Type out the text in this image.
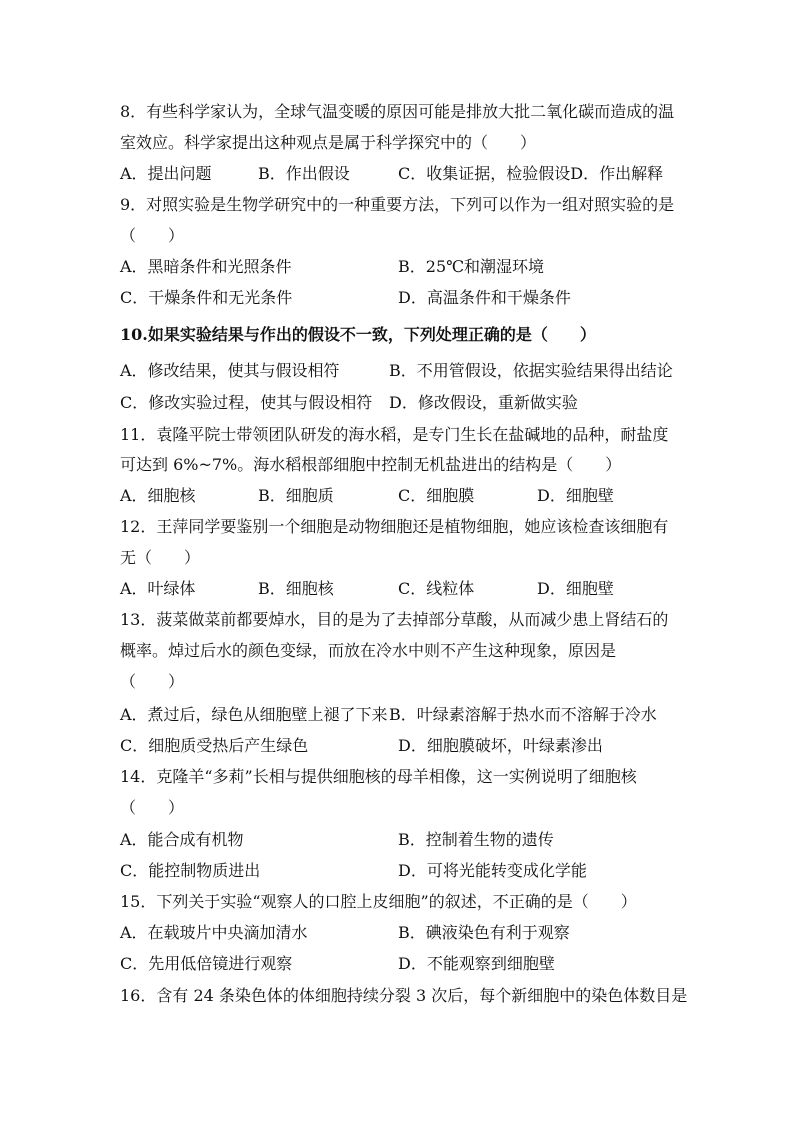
8．有些科学家认为，全球气温变暖的原因可能是排放大批二氧化碳而造成的温
室效应。科学家提出这种观点是属于科学探究中的（　　）
A．提出问题	B．作出假设	C．收集证据，检验假设D．作出解释
9．对照实验是生物学研究中的一种重要方法，下列可以作为一组对照实验的是
（　　）
A．黑暗条件和光照条件	B．25℃和潮湿环境
C．干燥条件和无光条件	D．高温条件和干燥条件
10.如果实验结果与作出的假设不一致，下列处理正确的是（　　）
A．修改结果，使其与假设相符	B．不用管假设，依据实验结果得出结论
C．修改实验过程，使其与假设相符 D．修改假设，重新做实验
11．袁隆平院士带领团队研发的海水稻，是专门生长在盐碱地的品种，耐盐度
可达到 6%~7%。海水稻根部细胞中控制无机盐进出的结构是（　　）
A．细胞核	B．细胞质	C．细胞膜	D．细胞壁
12．王萍同学要鉴别一个细胞是动物细胞还是植物细胞，她应该检查该细胞有
无（　　）
A．叶绿体	B．细胞核	C．线粒体	D．细胞壁
13．菠菜做菜前都要焯水，目的是为了去掉部分草酸，从而减少患上肾结石的
概率。焯过后水的颜色变绿，而放在冷水中则不产生这种现象，原因是
（　　）
A．煮过后，绿色从细胞壁上褪了下来 B．叶绿素溶解于热水而不溶解于冷水
C．细胞质受热后产生绿色	D．细胞膜破坏，叶绿素渗出
14．克隆羊“多莉”长相与提供细胞核的母羊相像，这一实例说明了细胞核
（　　）
A．能合成有机物	B．控制着生物的遗传
C．能控制物质进出	D．可将光能转变成化学能
15．下列关于实验“观察人的口腔上皮细胞”的叙述，不正确的是（　　）
A．在载玻片中央滴加清水	B．碘液染色有利于观察
C．先用低倍镜进行观察	D．不能观察到细胞壁
16．含有 24 条染色体的体细胞持续分裂 3 次后，每个新细胞中的染色体数目是
